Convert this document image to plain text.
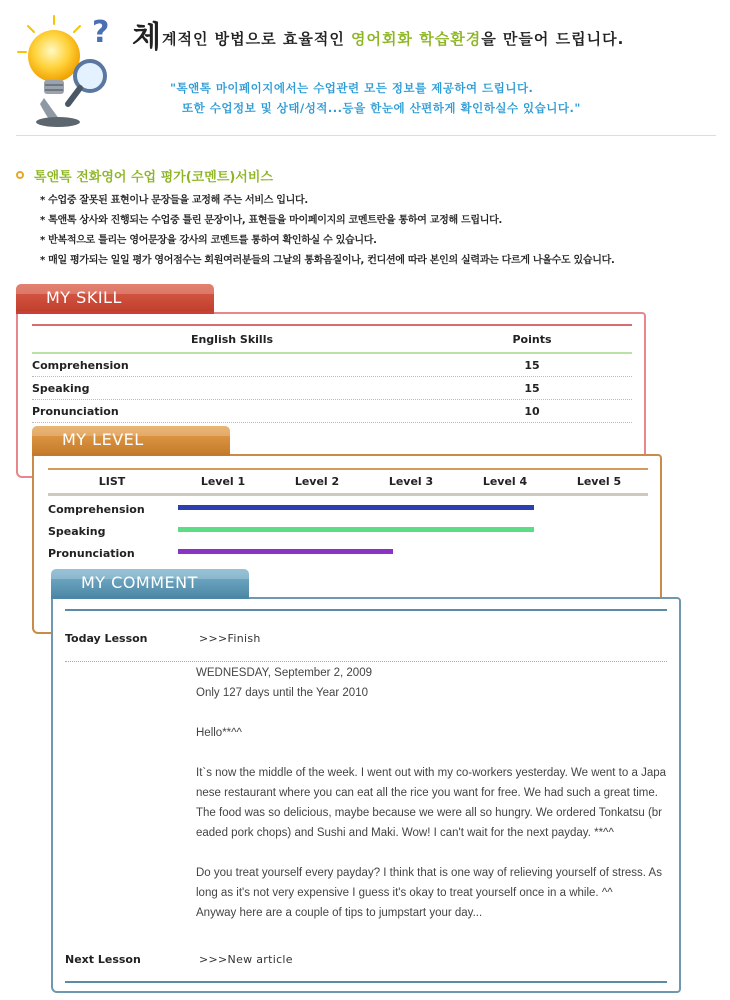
? 체계적인 방법으로 효율적인 영어회화 학습환경을 만들어 드립니다.
"톡앤톡 마이페이지에서는 수업관련 모든 정보를 제공하여 드립니다.
또한 수업정보 및 상태/성적...등을 한눈에 산편하게 확인하실수 있습니다."
톡앤톡 전화영어 수업 평가(코멘트)서비스
* 수업중 잘못된 표현이나 문장들을 교정해 주는 서비스 입니다.
* 톡앤톡 상사와 진행되는 수업중 틀린 문장이나, 표현들을 마이페이지의 코멘트란을 통하여 교정해 드립니다.
* 반복적으로 틀리는 영어문장을 강사의 코멘트를 통하여 확인하실 수 있습니다.
* 매일 평가되는 일일 평가 영어점수는 회원여러분들의 그날의 통화음질이나, 컨디션에 따라 본인의 실력과는 다르게 나올수도 있습니다.
English Skills	Points
Comprehension	15
Speaking	15
Pronunciation	10
MY SKILL
LIST	Level 1	Level 2	Level 3	Level 4	Level 5
Comprehension
Speaking
Pronunciation
MY LEVEL
Today Lesson	>>>Finish

WEDNESDAY, September 2, 2009

Only 127 days until the Year 2010

Hello**^^

It`s now the middle of the week. I went out with my co-workers yesterday. We went to a Japanese restaurant where you can eat all the rice you want for free. We had such a great time. The food was so delicious, maybe because we were all so hungry. We ordered Tonkatsu (breaded pork chops) and Sushi and Maki. Wow! I can't wait for the next payday. **^^

Do you treat yourself every payday? I think that is one way of relieving yourself of stress. As long as it's not very expensive I guess it's okay to treat yourself once in a while. ^^

Anyway here are a couple of tips to jumpstart your day...

Next Lesson	>>>New article
MY COMMENT
